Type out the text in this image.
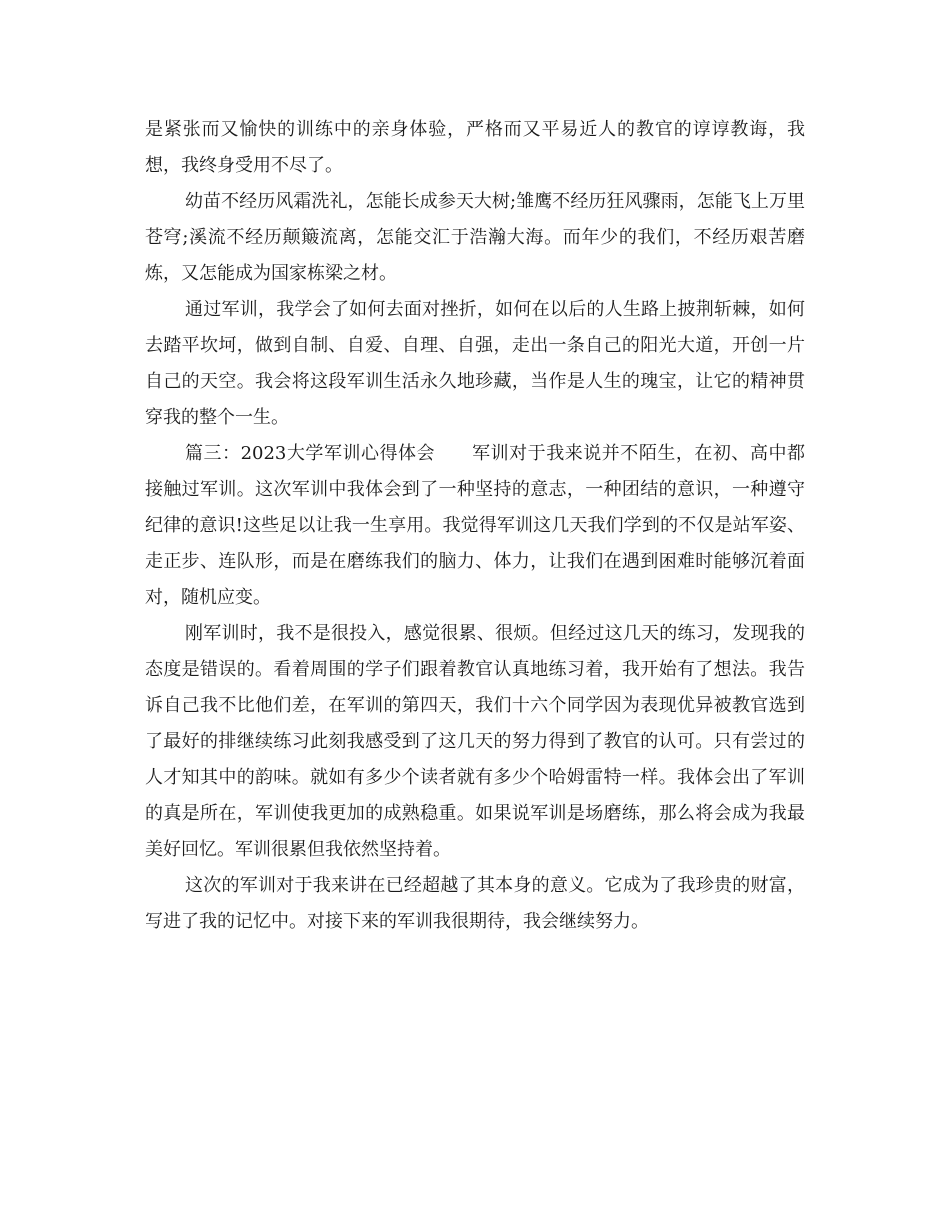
是紧张而又愉快的训练中的亲身体验，严格而又平易近人的教官的谆谆教诲，我想，我终身受用不尽了。

幼苗不经历风霜洗礼，怎能长成参天大树;雏鹰不经历狂风骤雨，怎能飞上万里苍穹;溪流不经历颠簸流离，怎能交汇于浩瀚大海。而年少的我们，不经历艰苦磨炼，又怎能成为国家栋梁之材。

通过军训，我学会了如何去面对挫折，如何在以后的人生路上披荆斩棘，如何去踏平坎坷，做到自制、自爱、自理、自强，走出一条自己的阳光大道，开创一片自己的天空。我会将这段军训生活永久地珍藏，当作是人生的瑰宝，让它的精神贯穿我的整个一生。

篇三：2023大学军训心得体会　　军训对于我来说并不陌生，在初、高中都接触过军训。这次军训中我体会到了一种坚持的意志，一种团结的意识，一种遵守纪律的意识!这些足以让我一生享用。我觉得军训这几天我们学到的不仅是站军姿、走正步、连队形，而是在磨练我们的脑力、体力，让我们在遇到困难时能够沉着面对，随机应变。

刚军训时，我不是很投入，感觉很累、很烦。但经过这几天的练习，发现我的态度是错误的。看着周围的学子们跟着教官认真地练习着，我开始有了想法。我告诉自己我不比他们差，在军训的第四天，我们十六个同学因为表现优异被教官选到了最好的排继续练习此刻我感受到了这几天的努力得到了教官的认可。只有尝过的人才知其中的韵味。就如有多少个读者就有多少个哈姆雷特一样。我体会出了军训的真是所在，军训使我更加的成熟稳重。如果说军训是场磨练，那么将会成为我最美好回忆。军训很累但我依然坚持着。

这次的军训对于我来讲在已经超越了其本身的意义。它成为了我珍贵的财富，写进了我的记忆中。对接下来的军训我很期待，我会继续努力。
